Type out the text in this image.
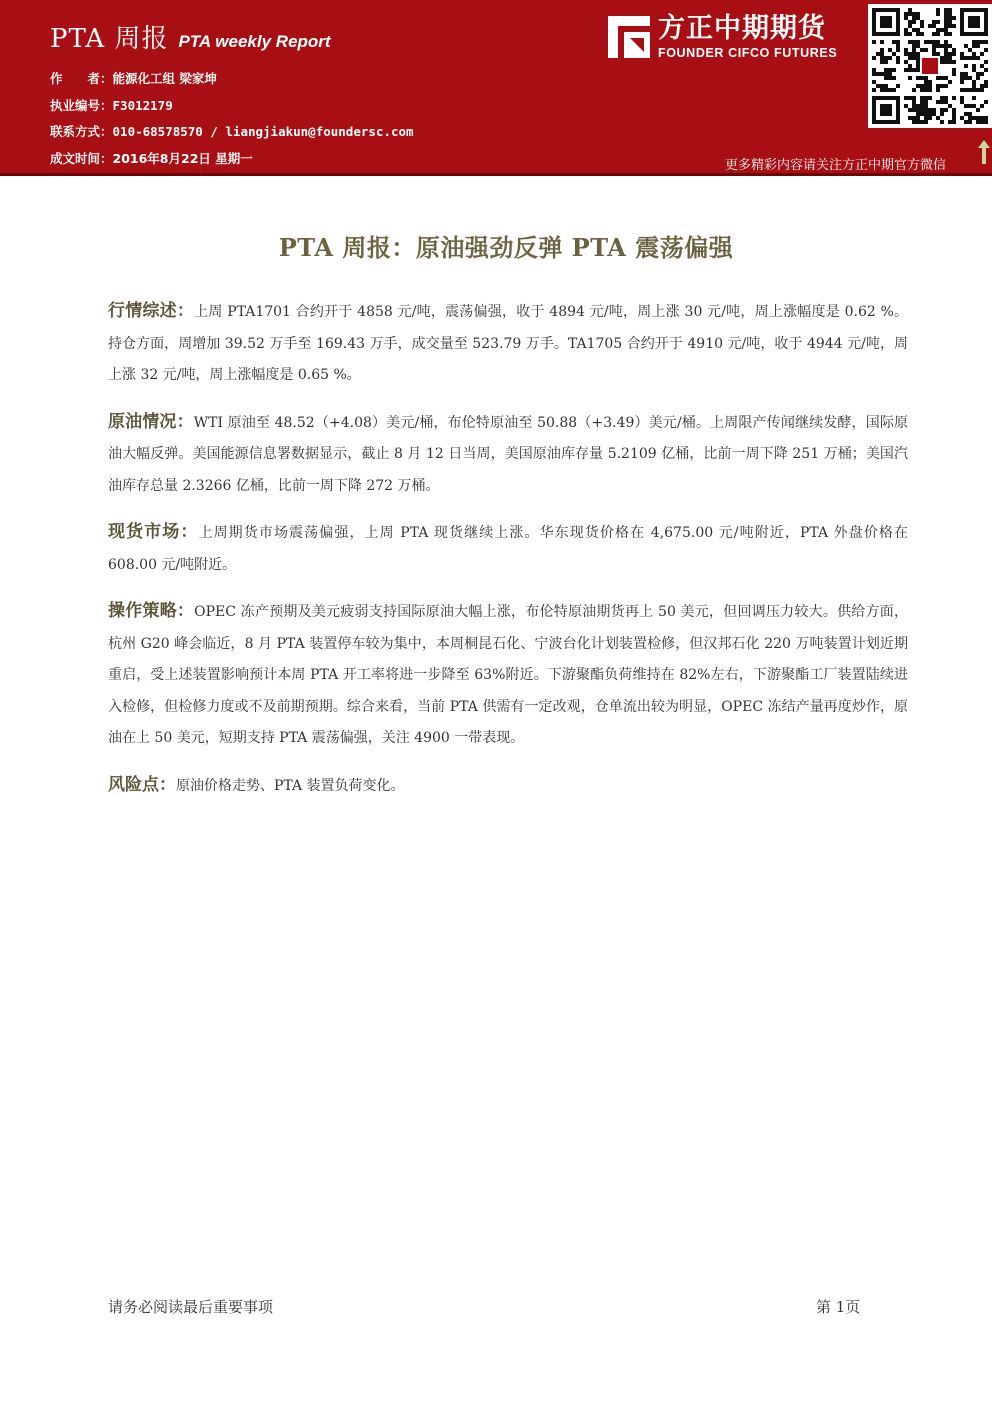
PTA 周报 PTA weekly Report
作　　者： 能源化工组 梁家坤
执业编号： F3012179
联系方式： 010-68578570 / liangjiakun@foundersc.com
成文时间： 2016年8月22日 星期一
方正中期期货
FOUNDER CIFCO FUTURES
更多精彩内容请关注方正中期官方微信
PTA 周报：原油强劲反弹 PTA 震荡偏强

行情综述：上周 PTA1701 合约开于 4858 元/吨，震荡偏强，收于 4894 元/吨，周上涨 30 元/吨，周上涨幅度是 0.62 %。持仓方面，周增加 39.52 万手至 169.43 万手，成交量至 523.79 万手。TA1705 合约开于 4910 元/吨，收于 4944 元/吨，周上涨 32 元/吨，周上涨幅度是 0.65 %。

原油情况：WTI 原油至 48.52（+4.08）美元/桶，布伦特原油至 50.88（+3.49）美元/桶。上周限产传闻继续发酵，国际原油大幅反弹。美国能源信息署数据显示，截止 8 月 12 日当周，美国原油库存量 5.2109 亿桶，比前一周下降 251 万桶；美国汽油库存总量 2.3266 亿桶，比前一周下降 272 万桶。

现货市场：上周期货市场震荡偏强，上周 PTA 现货继续上涨。华东现货价格在 4,675.00 元/吨附近，PTA 外盘价格在 608.00 元/吨附近。

操作策略：OPEC 冻产预期及美元疲弱支持国际原油大幅上涨，布伦特原油期货再上 50 美元，但回调压力较大。供给方面，杭州 G20 峰会临近，8 月 PTA 装置停车较为集中，本周桐昆石化、宁波台化计划装置检修，但汉邦石化 220 万吨装置计划近期重启，受上述装置影响预计本周 PTA 开工率将进一步降至 63%附近。下游聚酯负荷维持在 82%左右，下游聚酯工厂装置陆续进入检修，但检修力度或不及前期预期。综合来看，当前 PTA 供需有一定改观，仓单流出较为明显，OPEC 冻结产量再度炒作，原油在上 50 美元，短期支持 PTA 震荡偏强，关注 4900 一带表现。

风险点：原油价格走势、PTA 装置负荷变化。

请务必阅读最后重要事项	第 1页
